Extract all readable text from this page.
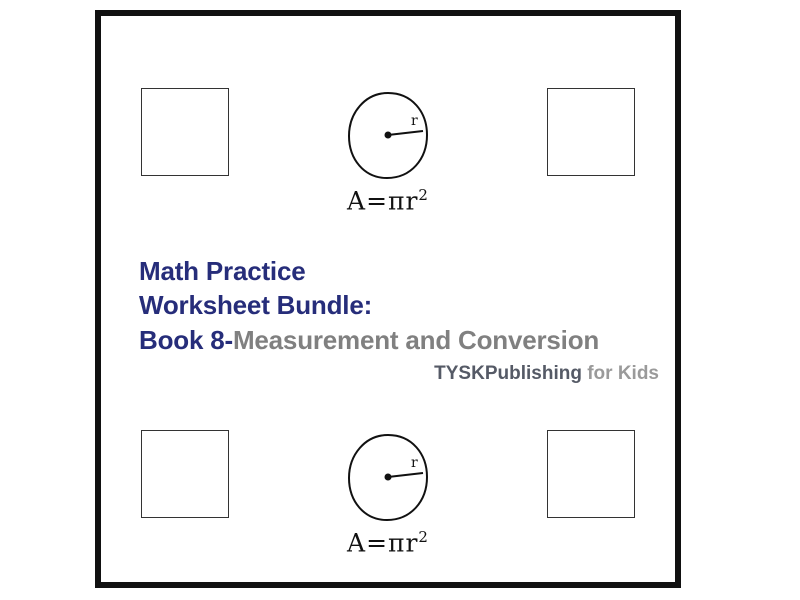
r
$A=\pi r^2$
r
$A=\pi r^2$
Math Practice
Worksheet Bundle:
Book 8-Measurement and Conversion
TYSKPublishing for Kids
